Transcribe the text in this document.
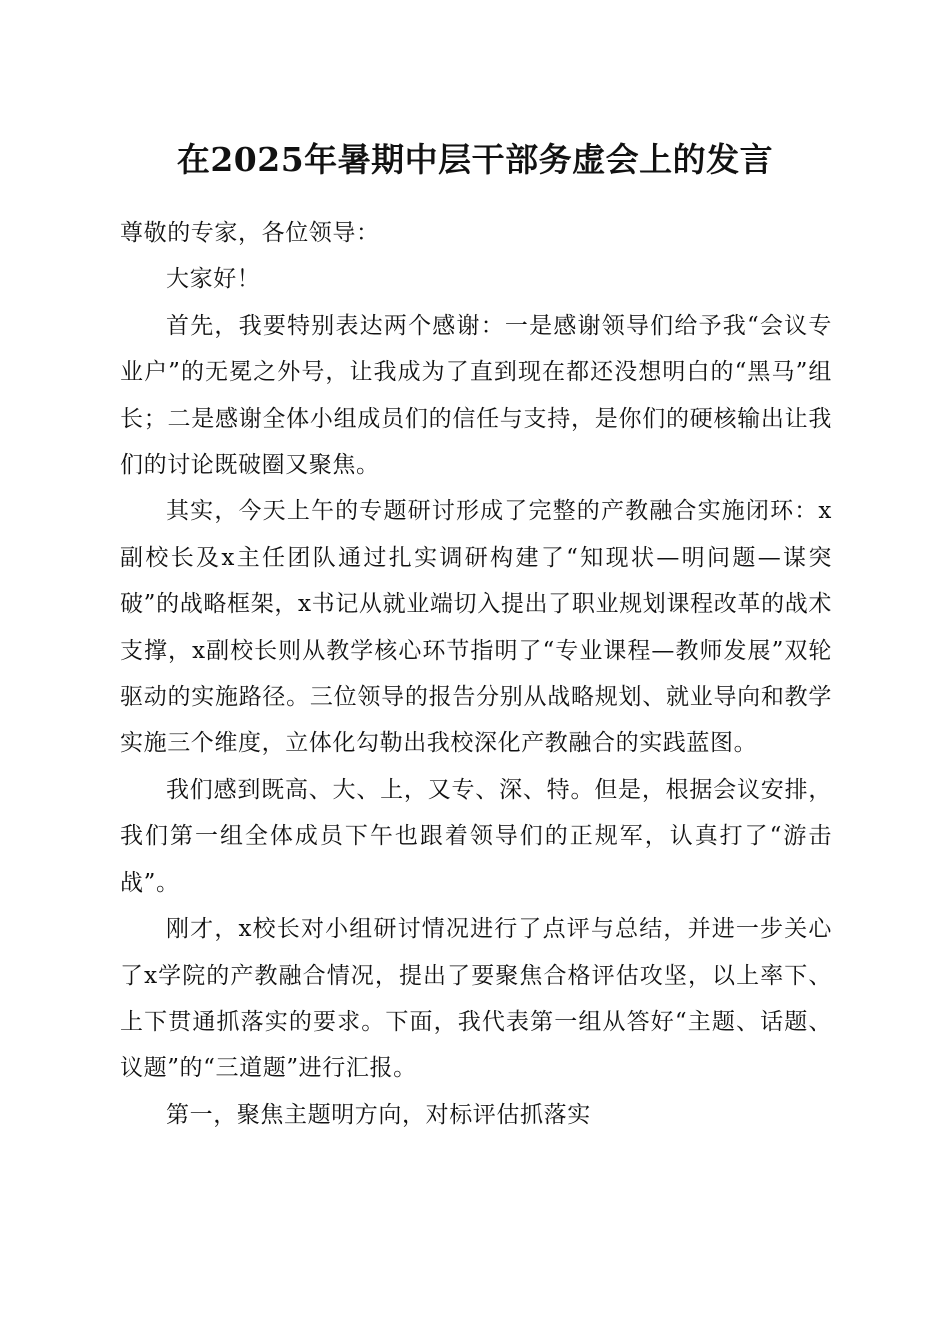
在2025年暑期中层干部务虚会上的发言

尊敬的专家，各位领导：

大家好！

首先，我要特别表达两个感谢：一是感谢领导们给予我“会议专业户”的无冕之外号，让我成为了直到现在都还没想明白的“黑马”组长；二是感谢全体小组成员们的信任与支持，是你们的硬核输出让我们的讨论既破圈又聚焦。

其实，今天上午的专题研讨形成了完整的产教融合实施闭环：x副校长及x主任团队通过扎实调研构建了“知现状—明问题—谋突破”的战略框架，x书记从就业端切入提出了职业规划课程改革的战术支撑，x副校长则从教学核心环节指明了“专业课程—教师发展”双轮驱动的实施路径。三位领导的报告分别从战略规划、就业导向和教学实施三个维度，立体化勾勒出我校深化产教融合的实践蓝图。

我们感到既高、大、上，又专、深、特。但是，根据会议安排，我们第一组全体成员下午也跟着领导们的正规军，认真打了“游击战”。

刚才，x校长对小组研讨情况进行了点评与总结，并进一步关心了x学院的产教融合情况，提出了要聚焦合格评估攻坚，以上率下、上下贯通抓落实的要求。下面，我代表第一组从答好“主题、话题、议题”的“三道题”进行汇报。

第一，聚焦主题明方向，对标评估抓落实
